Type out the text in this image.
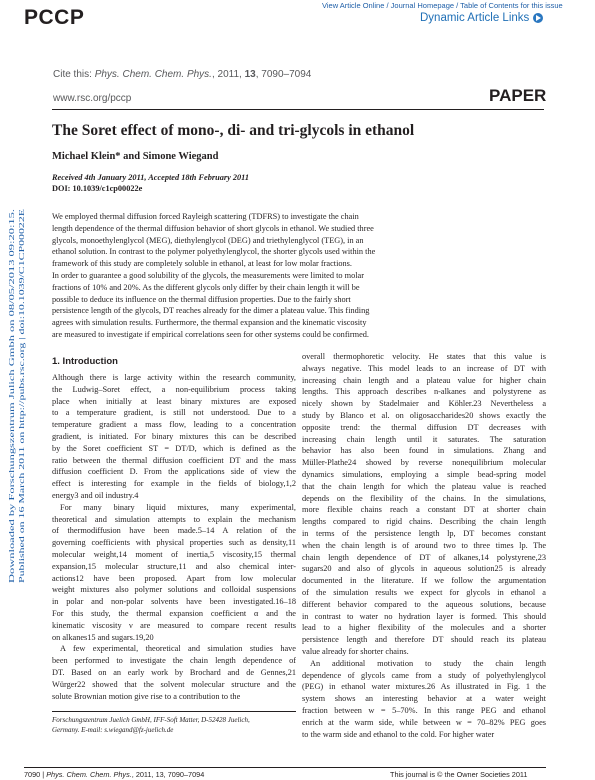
PCCP
View Article Online / Journal Homepage / Table of Contents for this issue
Dynamic Article Links
Cite this: Phys. Chem. Chem. Phys., 2011, 13, 7090–7094
www.rsc.org/pccp	PAPER
The Soret effect of mono-, di- and tri-glycols in ethanol
Michael Klein* and Simone Wiegand
Received 4th January 2011, Accepted 18th February 2011
DOI: 10.1039/c1cp00022e
Downloaded by Forschungszentrum Julich Gmbh on 08/05/2013 09:20:15. Published on 16 March 2011 on http://pubs.rsc.org | doi:10.1039/C1CP00022E

We employed thermal diffusion forced Rayleigh scattering (TDFRS) to investigate the chain

length dependence of the thermal diffusion behavior of short glycols in ethanol. We studied three

glycols, monoethylenglycol (MEG), diethylenglycol (DEG) and triethylenglycol (TEG), in an

ethanol solution. In contrast to the polymer polyethylenglycol, the shorter glycols used within the

framework of this study are completely soluble in ethanol, at least for low molar fractions.

In order to guarantee a good solubility of the glycols, the measurements were limited to molar

fractions of 10% and 20%. As the different glycols only differ by their chain length it will be

possible to deduce its influence on the thermal diffusion properties. Due to the fairly short

persistence length of the glycols, DT reaches already for the dimer a plateau value. This finding

agrees with simulation results. Furthermore, the thermal expansion and the kinematic viscosity

are measured to investigate if empirical correlations seen for other systems could be confirmed.

1. Introduction
Although there is large activity within the research community,
the Ludwig–Soret effect, a non-equilibrium process taking
place when initially at least binary mixtures are exposed
to a temperature gradient, is still not understood. Due to a
temperature gradient a mass flow, leading to a concentration
gradient, is initiated. For binary mixtures this can be described
by the Soret coefficient ST = DT/D, which is defined as the
ratio between the thermal diffusion coefficient DT and the mass
diffusion coefficient D. From the applications side of view the
effect is interesting for example in the fields of biology,1,2
energy3 and oil industry.4
For many binary liquid mixtures, many experimental,
theoretical and simulation attempts to explain the mechanism
of thermodiffusion have been made.5–14 A relation of the
governing coefficients with physical properties such as density,11
molecular weight,14 moment of inertia,5 viscosity,15 thermal
expansion,15 molecular structure,11 and also chemical inter-
actions12 have been proposed. Apart from low molecular
weight mixtures also polymer solutions and colloidal suspensions
in polar and non-polar solvents have been investigated.16–18
For this study, the thermal expansion coefficient α and the
kinematic viscosity ν are measured to compare recent results
on alkanes15 and sugars.19,20
A few experimental, theoretical and simulation studies have
been performed to investigate the chain length dependence of
DT. Based on an early work by Brochard and de Gennes,21
Würger22 showed that the solvent molecular structure and the
solute Brownian motion give rise to a contribution to the
overall thermophoretic velocity. He states that this value is
always negative. This model leads to an increase of DT with
increasing chain length and a plateau value for higher chain
lengths. This approach describes n-alkanes and polystyrene as
nicely shown by Stadelmaier and Köhler.23 Nevertheless a
study by Blanco et al. on oligosaccharides20 shows exactly the
opposite trend: the thermal diffusion DT decreases with
increasing chain length until it saturates. The saturation
behavior has also been found in simulations. Zhang and
Müller-Plathe24 showed by reverse nonequilibrium molecular
dynamics simulations, employing a simple bead-spring model
that the chain length for which the plateau value is reached
depends on the flexibility of the chains. In the simulations,
more flexible chains reach a constant DT at shorter chain
lengths compared to rigid chains. Describing the chain length
in terms of the persistence length lp, DT becomes constant
when the chain length is of around two to three times lp. The
chain length dependence of DT of alkanes,14 polystyrene,23
sugars20 and also of glycols in aqueous solution25 is already
documented in the literature. If we follow the argumentation
of the simulation results we expect for glycols in ethanol a
different behavior compared to the aqueous solutions, because
in contrast to water no hydration layer is formed. This should
lead to a higher flexibility of the molecules and a shorter
persistence length and therefore DT should reach its plateau
value already for shorter chains.
An additional motivation to study the chain length
dependence of glycols came from a study of polyethylenglycol
(PEG) in ethanol water mixtures.26 As illustrated in Fig. 1 the
system shows an interesting behavior at a water weight
fraction between w = 5–70%. In this range PEG and ethanol
enrich at the warm side, while between w = 70–82% PEG goes
to the warm side and ethanol to the cold. For higher water
Forschungszentrum Juelich GmbH, IFF-Soft Matter, D-52428 Juelich,
Germany. E-mail: s.wiegand@fz-juelich.de
7090 | Phys. Chem. Chem. Phys., 2011, 13, 7090–7094	This journal is © the Owner Societies 2011
